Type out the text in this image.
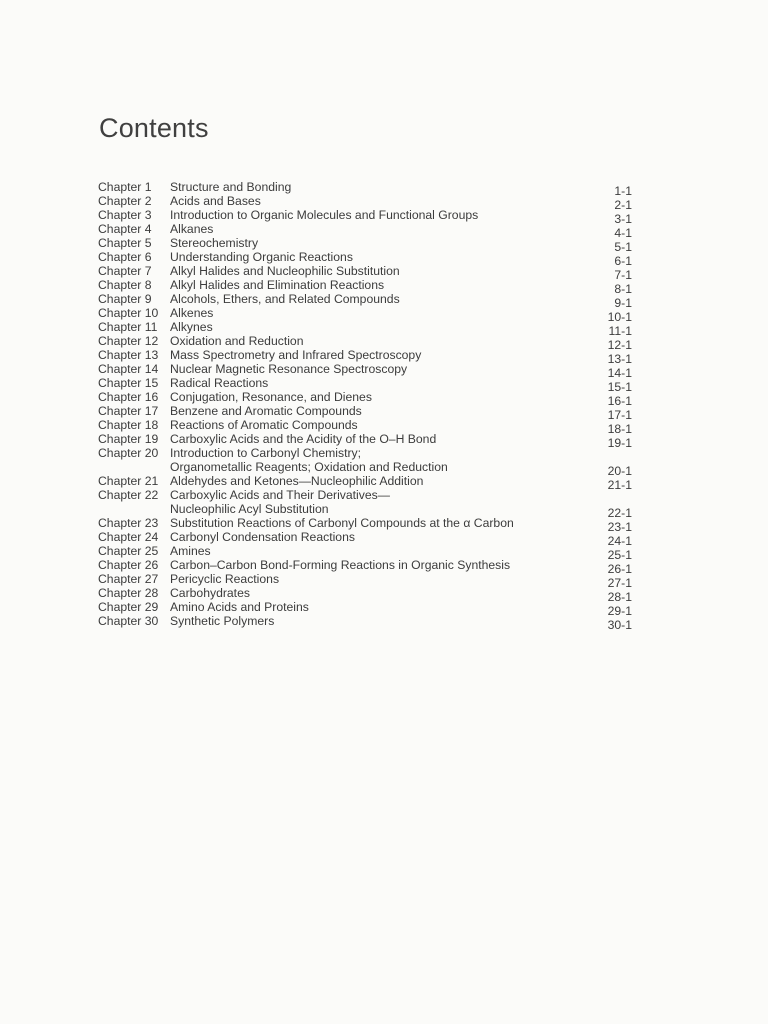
Contents
Chapter 1	Structure and Bonding	1-1
Chapter 2	Acids and Bases	2-1
Chapter 3	Introduction to Organic Molecules and Functional Groups	3-1
Chapter 4	Alkanes	4-1
Chapter 5	Stereochemistry	5-1
Chapter 6	Understanding Organic Reactions	6-1
Chapter 7	Alkyl Halides and Nucleophilic Substitution	7-1
Chapter 8	Alkyl Halides and Elimination Reactions	8-1
Chapter 9	Alcohols, Ethers, and Related Compounds	9-1
Chapter 10 Alkenes	10-1
Chapter 11	Alkynes	11-1
Chapter 12 Oxidation and Reduction	12-1
Chapter 13 Mass Spectrometry and Infrared Spectroscopy	13-1
Chapter 14 Nuclear Magnetic Resonance Spectroscopy	14-1
Chapter 15 Radical Reactions	15-1
Chapter 16 Conjugation, Resonance, and Dienes	16-1
Chapter 17 Benzene and Aromatic Compounds	17-1
Chapter 18 Reactions of Aromatic Compounds	18-1
Chapter 19 Carboxylic Acids and the Acidity of the O–H Bond	19-1
Chapter 20 Introduction to Carbonyl Chemistry;
Organometallic Reagents; Oxidation and Reduction	20-1
Chapter 21 Aldehydes and Ketones—Nucleophilic Addition	21-1
Chapter 22 Carboxylic Acids and Their Derivatives—
Nucleophilic Acyl Substitution	22-1
Chapter 23 Substitution Reactions of Carbonyl Compounds at the α Carbon	23-1
Chapter 24 Carbonyl Condensation Reactions	24-1
Chapter 25 Amines	25-1
Chapter 26 Carbon–Carbon Bond-Forming Reactions in Organic Synthesis	26-1
Chapter 27 Pericyclic Reactions	27-1
Chapter 28 Carbohydrates	28-1
Chapter 29 Amino Acids and Proteins	29-1
Chapter 30 Synthetic Polymers	30-1
